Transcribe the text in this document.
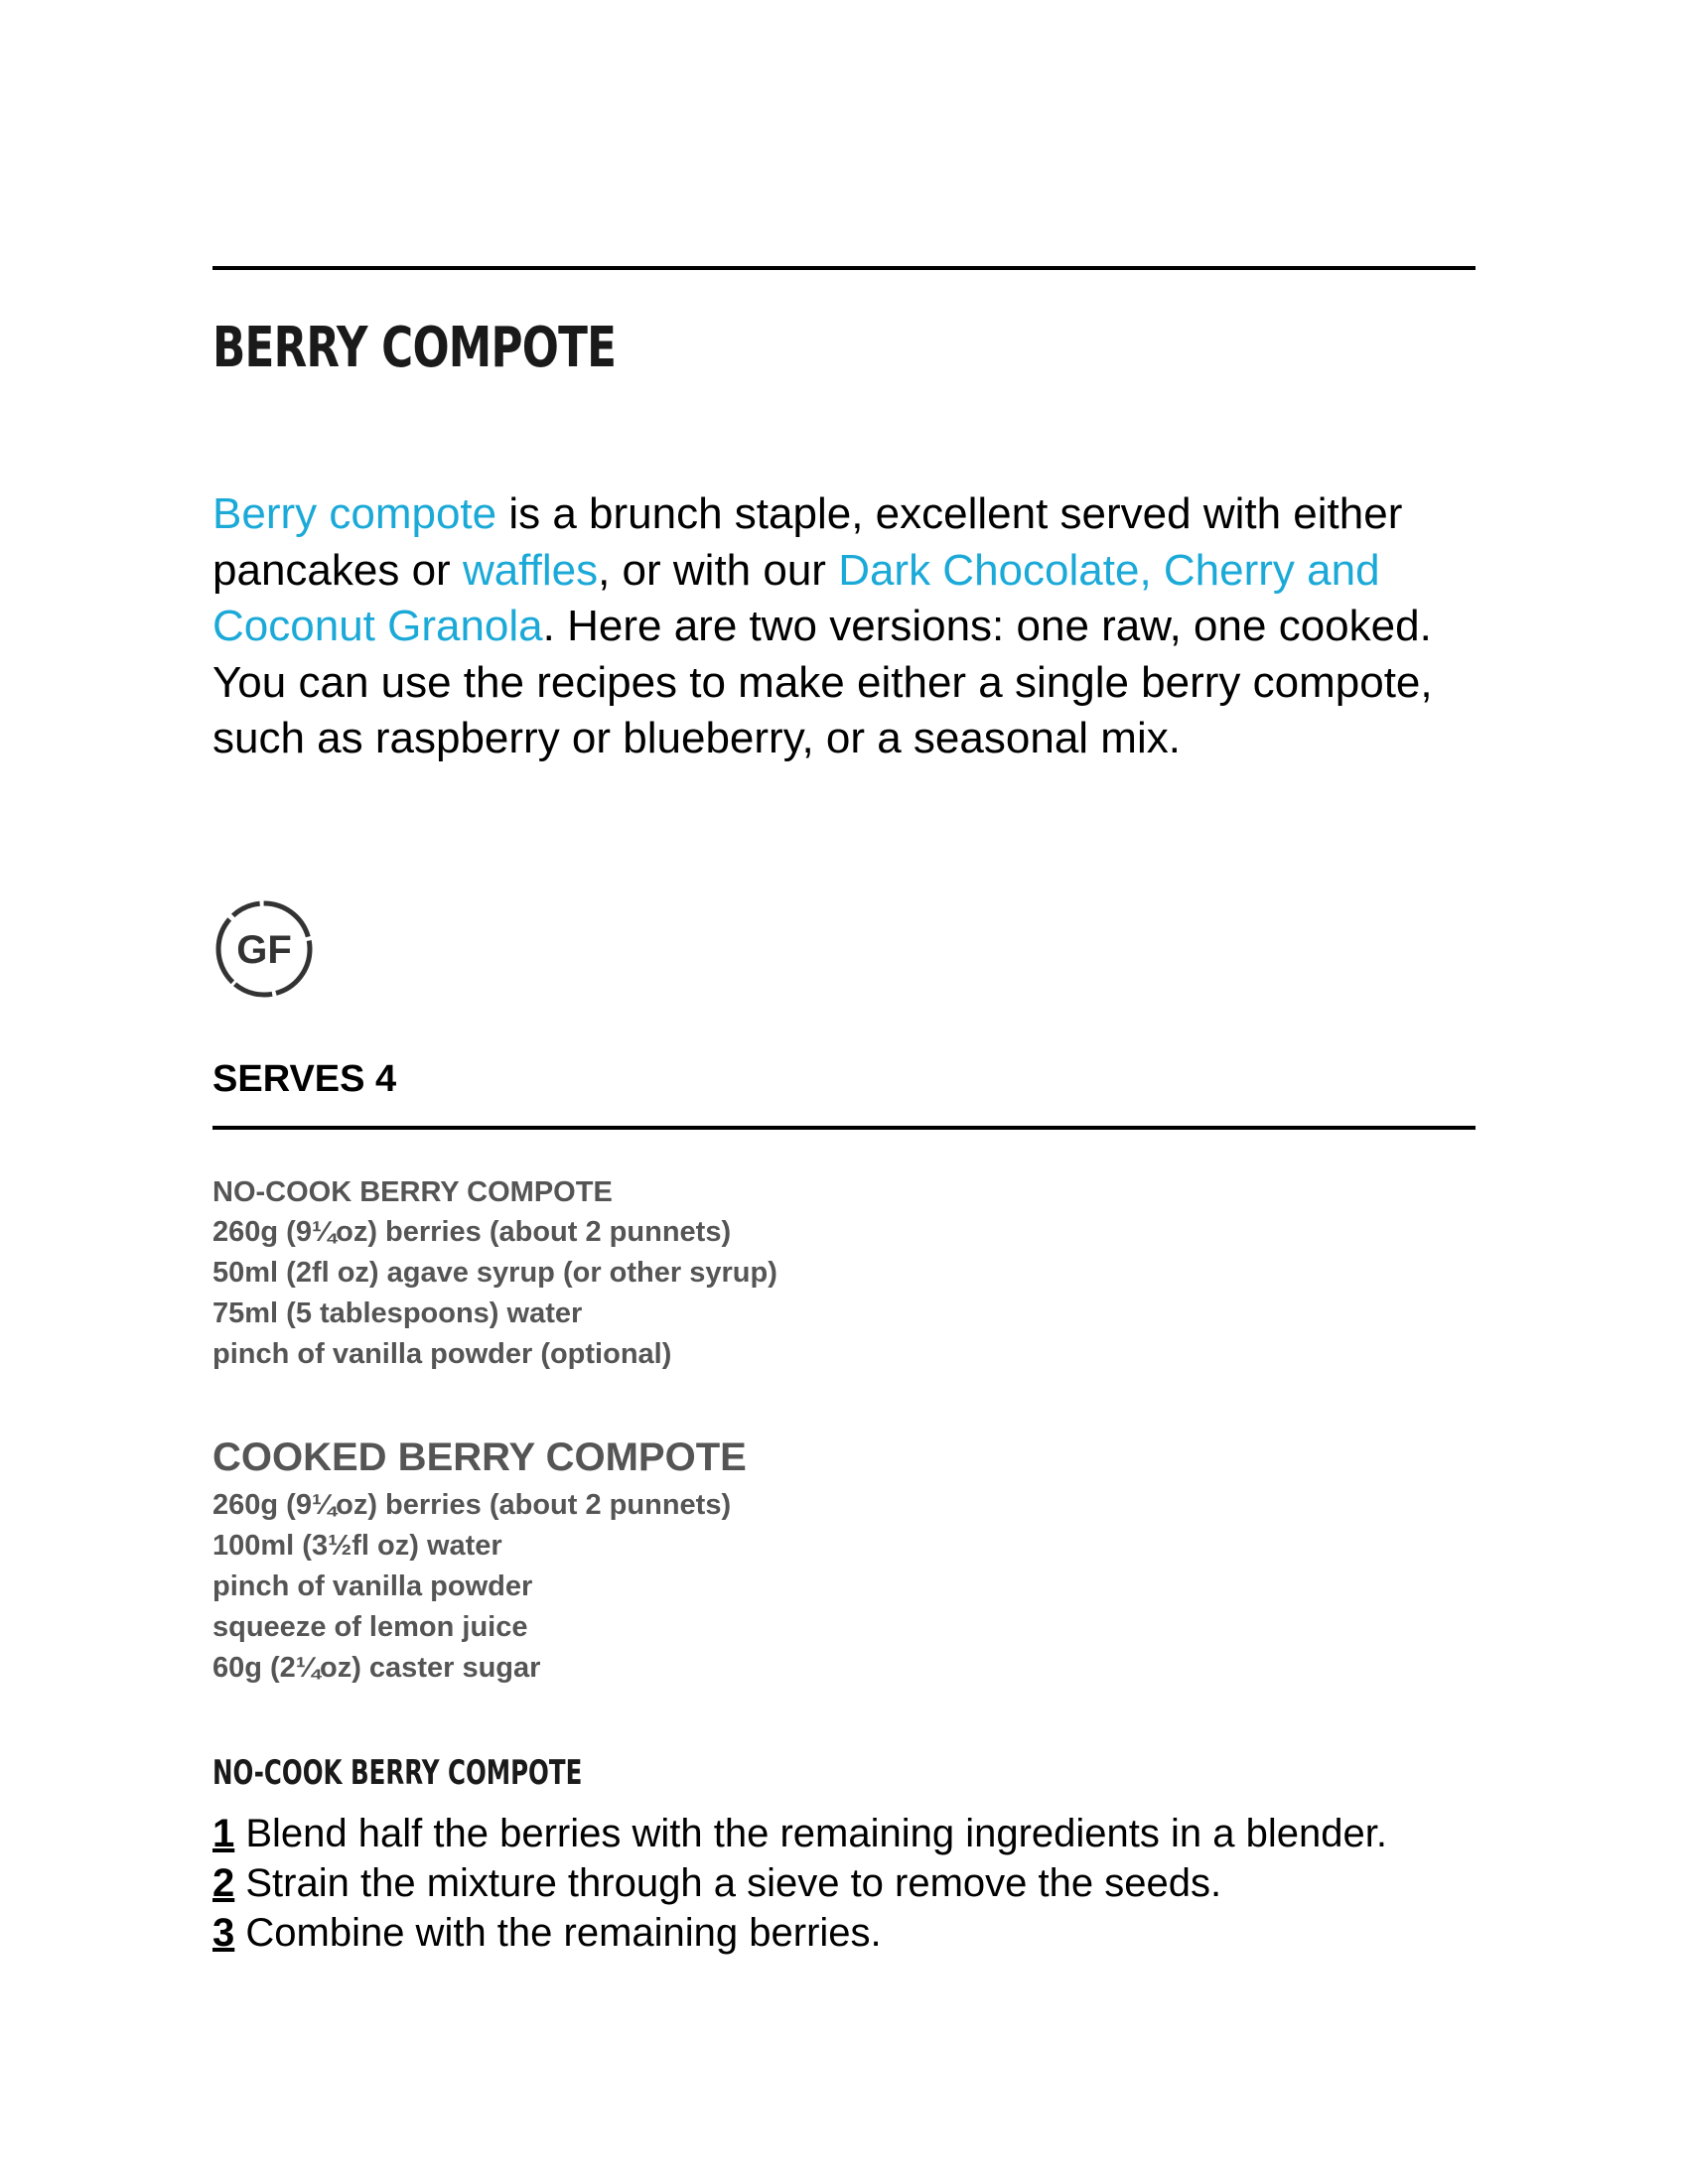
BERRY COMPOTE

Berry compote is a brunch staple, excellent served with either pancakes or waffles, or with our Dark Chocolate, Cherry and Coconut Granola. Here are two versions: one raw, one cooked. You can use the recipes to make either a single berry compote, such as raspberry or blueberry, or a seasonal mix.

GF
SERVES 4
NO-COOK BERRY COMPOTE
260g (9¼oz) berries (about 2 punnets)
50ml (2fl oz) agave syrup (or other syrup)
75ml (5 tablespoons) water
pinch of vanilla powder (optional)
COOKED BERRY COMPOTE
260g (9¼oz) berries (about 2 punnets)
100ml (3½fl oz) water
pinch of vanilla powder
squeeze of lemon juice
60g (2¼oz) caster sugar
NO-COOK BERRY COMPOTE
1 Blend half the berries with the remaining ingredients in a blender.
2 Strain the mixture through a sieve to remove the seeds.
3 Combine with the remaining berries.
